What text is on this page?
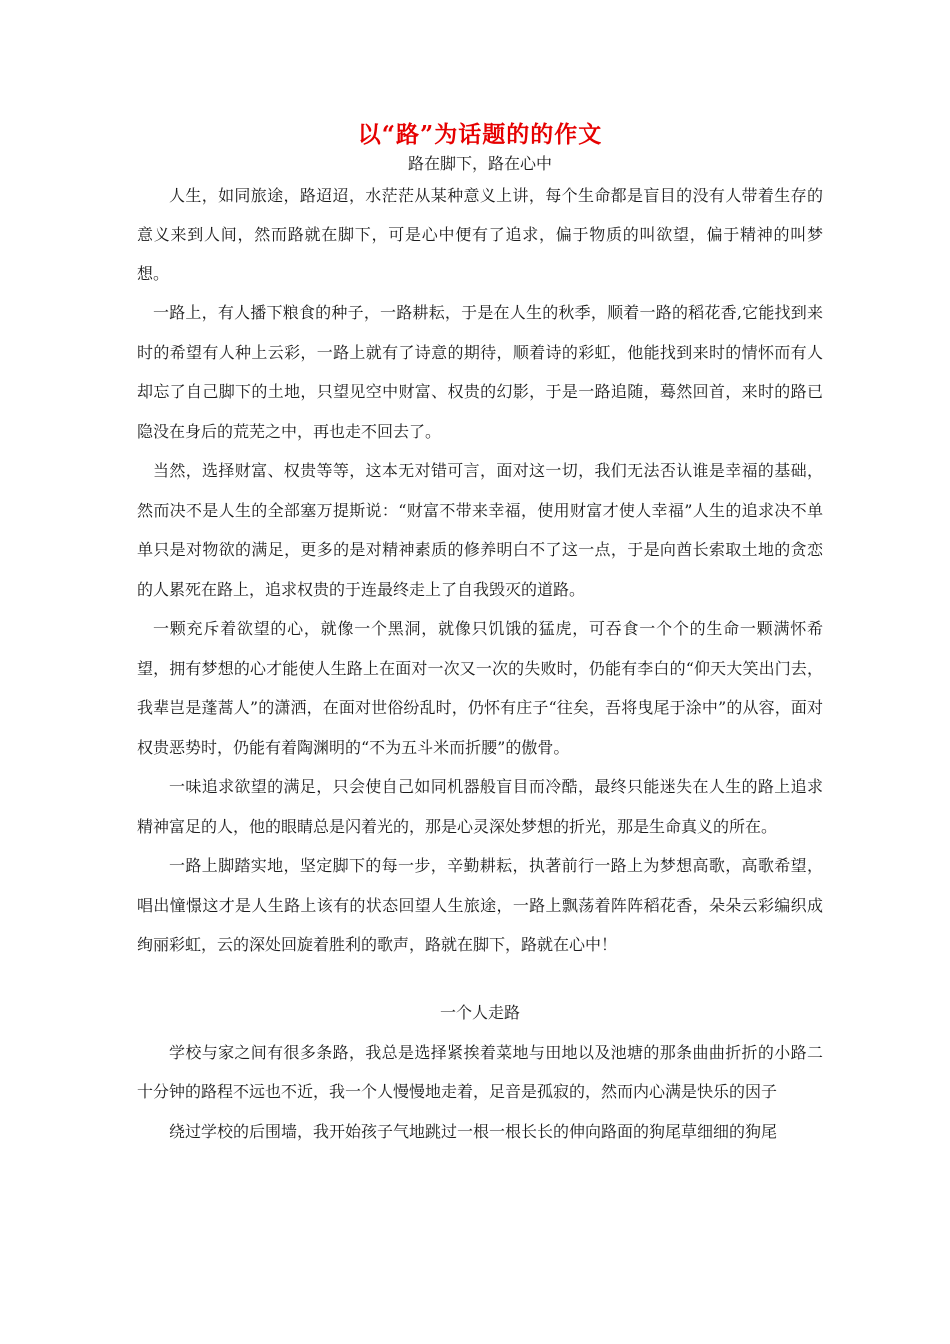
以“路”为话题的的作文

路在脚下，路在心中

人生，如同旅途，路迢迢，水茫茫从某种意义上讲，每个生命都是盲目的没有人带着生存的意义来到人间，然而路就在脚下，可是心中便有了追求，偏于物质的叫欲望，偏于精神的叫梦想。

一路上，有人播下粮食的种子，一路耕耘，于是在人生的秋季，顺着一路的稻花香,它能找到来时的希望有人种上云彩，一路上就有了诗意的期待，顺着诗的彩虹，他能找到来时的情怀而有人却忘了自己脚下的土地，只望见空中财富、权贵的幻影，于是一路追随，蓦然回首，来时的路已隐没在身后的荒芜之中，再也走不回去了。

当然，选择财富、权贵等等，这本无对错可言，面对这一切，我们无法否认谁是幸福的基础，然而决不是人生的全部塞万提斯说：“财富不带来幸福，使用财富才使人幸福”人生的追求决不单单只是对物欲的满足，更多的是对精神素质的修养明白不了这一点，于是向酋长索取土地的贪恋的人累死在路上，追求权贵的于连最终走上了自我毁灭的道路。

一颗充斥着欲望的心，就像一个黑洞，就像只饥饿的猛虎，可吞食一个个的生命一颗满怀希望，拥有梦想的心才能使人生路上在面对一次又一次的失败时，仍能有李白的“仰天大笑出门去，我辈岂是蓬蒿人”的潇洒，在面对世俗纷乱时，仍怀有庄子“往矣，吾将曳尾于涂中”的从容，面对权贵恶势时，仍能有着陶渊明的“不为五斗米而折腰”的傲骨。

一味追求欲望的满足，只会使自己如同机器般盲目而冷酷，最终只能迷失在人生的路上追求精神富足的人，他的眼睛总是闪着光的，那是心灵深处梦想的折光，那是生命真义的所在。

一路上脚踏实地，坚定脚下的每一步，辛勤耕耘，执著前行一路上为梦想高歌，高歌希望，唱出憧憬这才是人生路上该有的状态回望人生旅途，一路上飘荡着阵阵稻花香，朵朵云彩编织成绚丽彩虹，云的深处回旋着胜利的歌声，路就在脚下，路就在心中！

一个人走路

学校与家之间有很多条路，我总是选择紧挨着菜地与田地以及池塘的那条曲曲折折的小路二十分钟的路程不远也不近，我一个人慢慢地走着，足音是孤寂的，然而内心满是快乐的因子

绕过学校的后围墙，我开始孩子气地跳过一根一根长长的伸向路面的狗尾草细细的狗尾
